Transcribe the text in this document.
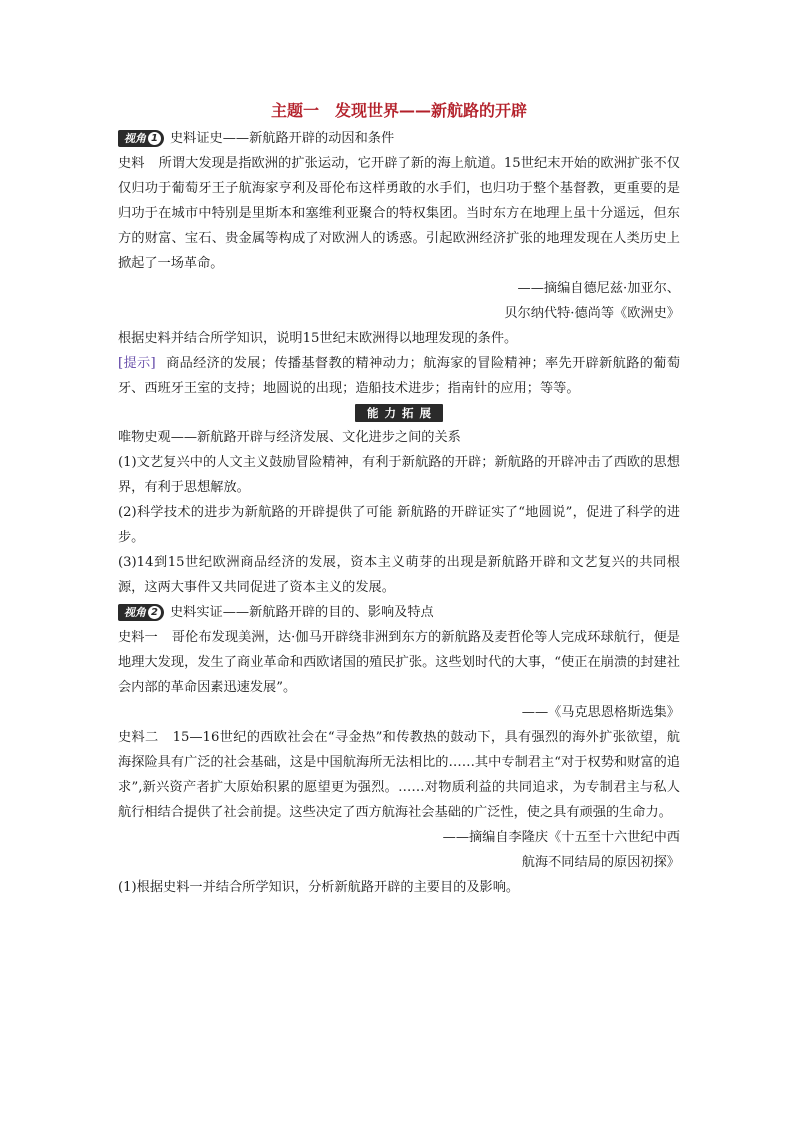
主题一　发现世界——新航路的开辟
视角 1 史料证史——新航路开辟的动因和条件

史料 所谓大发现是指欧洲的扩张运动，它开辟了新的海上航道。15世纪末开始的欧洲扩张不仅仅归功于葡萄牙王子航海家亨利及哥伦布这样勇敢的水手们，也归功于整个基督教，更重要的是归功于在城市中特别是里斯本和塞维利亚聚合的特权集团。当时东方在地理上虽十分遥远，但东方的财富、宝石、贵金属等构成了对欧洲人的诱惑。引起欧洲经济扩张的地理发现在人类历史上掀起了一场革命。

——摘编自德尼兹·加亚尔、

贝尔纳代特·德尚等《欧洲史》

根据史料并结合所学知识，说明15世纪末欧洲得以地理发现的条件。

[提示] 商品经济的发展；传播基督教的精神动力；航海家的冒险精神；率先开辟新航路的葡萄牙、西班牙王室的支持；地圆说的出现；造船技术进步；指南针的应用；等等。

能力拓展

唯物史观——新航路开辟与经济发展、文化进步之间的关系

(1)文艺复兴中的人文主义鼓励冒险精神，有利于新航路的开辟；新航路的开辟冲击了西欧的思想界，有利于思想解放。

(2)科学技术的进步为新航路的开辟提供了可能 新航路的开辟证实了“地圆说”，促进了科学的进步。

(3)14到15世纪欧洲商品经济的发展，资本主义萌芽的出现是新航路开辟和文艺复兴的共同根源，这两大事件又共同促进了资本主义的发展。

视角 2 史料实证——新航路开辟的目的、影响及特点

史料一 哥伦布发现美洲，达·伽马开辟绕非洲到东方的新航路及麦哲伦等人完成环球航行，便是地理大发现，发生了商业革命和西欧诸国的殖民扩张。这些划时代的大事，“使正在崩溃的封建社会内部的革命因素迅速发展”。

——《马克思恩格斯选集》

史料二 15—16世纪的西欧社会在“寻金热”和传教热的鼓动下，具有强烈的海外扩张欲望，航海探险具有广泛的社会基础，这是中国航海所无法相比的……其中专制君主“对于权势和财富的追求”,新兴资产者扩大原始积累的愿望更为强烈。……对物质利益的共同追求，为专制君主与私人航行相结合提供了社会前提。这些决定了西方航海社会基础的广泛性，使之具有顽强的生命力。

——摘编自李隆庆《十五至十六世纪中西

航海不同结局的原因初探》

(1)根据史料一并结合所学知识，分析新航路开辟的主要目的及影响。
